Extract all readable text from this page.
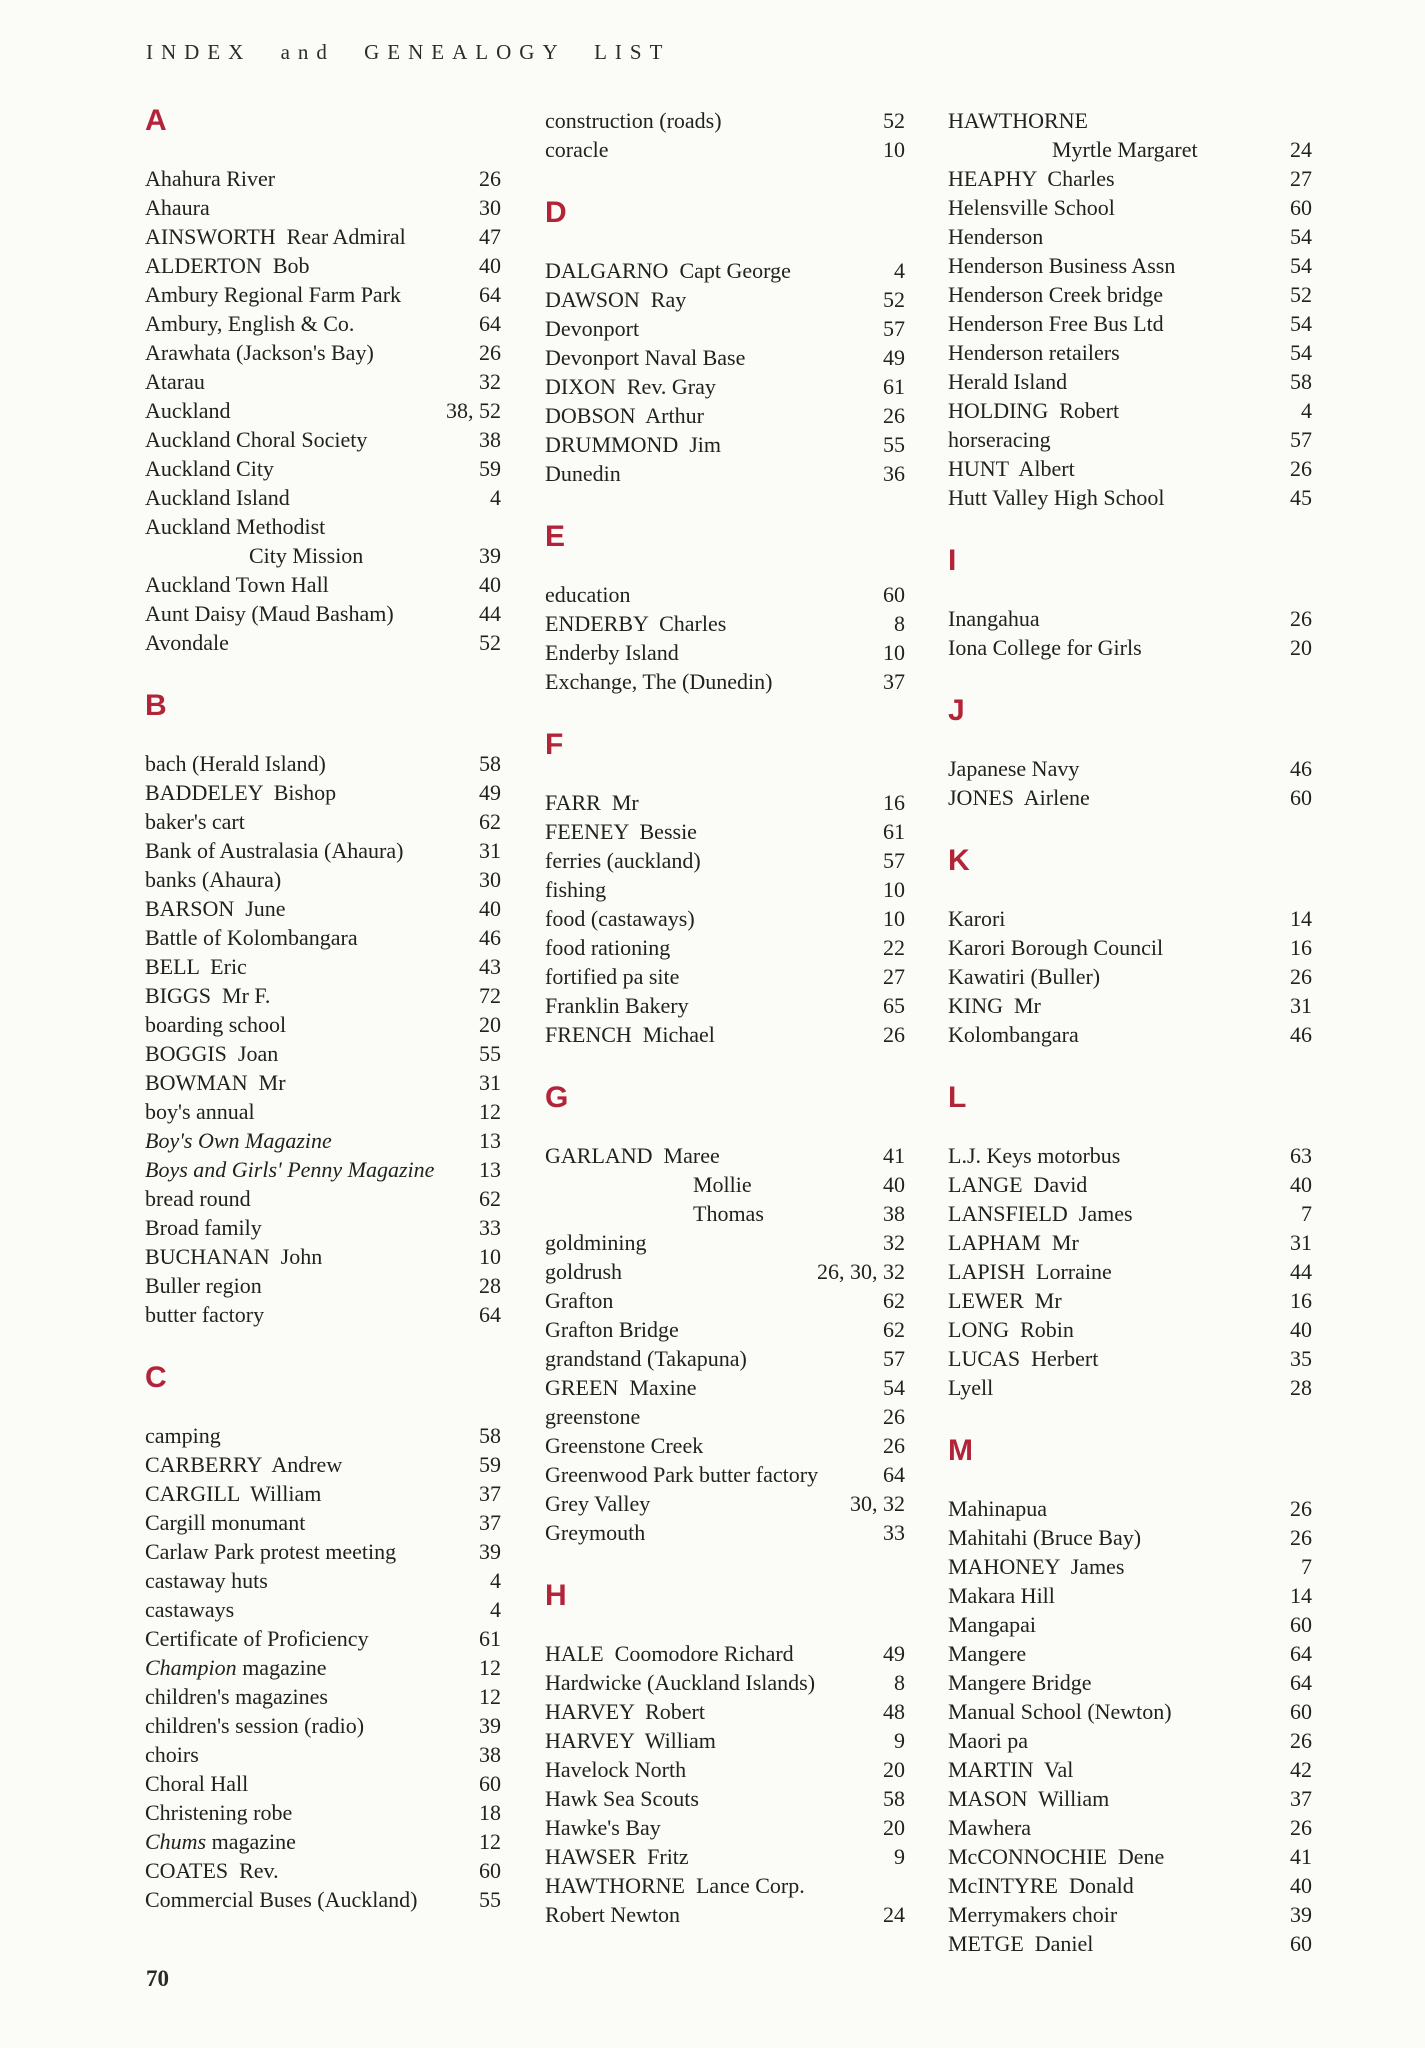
INDEX and GENEALOGY LIST
A
Ahahura River	26
Ahaura	30
AINSWORTH  Rear Admiral	47
ALDERTON  Bob	40
Ambury Regional Farm Park	64
Ambury, English & Co.	64
Arawhata (Jackson's Bay)	26
Atarau	32
Auckland	38, 52
Auckland Choral Society	38
Auckland City	59
Auckland Island	4
Auckland Methodist
City Mission	39
Auckland Town Hall	40
Aunt Daisy (Maud Basham)	44
Avondale	52
B
bach (Herald Island)	58
BADDELEY  Bishop	49
baker's cart	62
Bank of Australasia (Ahaura)	31
banks (Ahaura)	30
BARSON  June	40
Battle of Kolombangara	46
BELL  Eric	43
BIGGS  Mr F.	72
boarding school	20
BOGGIS  Joan	55
BOWMAN  Mr	31
boy's annual	12
Boy's Own Magazine	13
Boys and Girls' Penny Magazine	13
bread round	62
Broad family	33
BUCHANAN  John	10
Buller region	28
butter factory	64
C
camping	58
CARBERRY  Andrew	59
CARGILL  William	37
Cargill monumant	37
Carlaw Park protest meeting	39
castaway huts	4
castaways	4
Certificate of Proficiency	61
Champion magazine	12
children's magazines	12
children's session (radio)	39
choirs	38
Choral Hall	60
Christening robe	18
Chums magazine	12
COATES  Rev.	60
Commercial Buses (Auckland)	55
construction (roads)	52
coracle	10
D
DALGARNO  Capt George	4
DAWSON  Ray	52
Devonport	57
Devonport Naval Base	49
DIXON  Rev. Gray	61
DOBSON  Arthur	26
DRUMMOND  Jim	55
Dunedin	36
E
education	60
ENDERBY  Charles	8
Enderby Island	10
Exchange, The (Dunedin)	37
F
FARR  Mr	16
FEENEY  Bessie	61
ferries (auckland)	57
fishing	10
food (castaways)	10
food rationing	22
fortified pa site	27
Franklin Bakery	65
FRENCH  Michael	26
G
GARLAND  Maree	41
Mollie	40
Thomas	38
goldmining	32
goldrush	26, 30, 32
Grafton	62
Grafton Bridge	62
grandstand (Takapuna)	57
GREEN  Maxine	54
greenstone	26
Greenstone Creek	26
Greenwood Park butter factory	64
Grey Valley	30, 32
Greymouth	33
H
HALE  Coomodore Richard	49
Hardwicke (Auckland Islands)	8
HARVEY  Robert	48
HARVEY  William	9
Havelock North	20
Hawk Sea Scouts	58
Hawke's Bay	20
HAWSER  Fritz	9
HAWTHORNE  Lance Corp.
Robert Newton	24
HAWTHORNE
Myrtle Margaret	24
HEAPHY  Charles	27
Helensville School	60
Henderson	54
Henderson Business Assn	54
Henderson Creek bridge	52
Henderson Free Bus Ltd	54
Henderson retailers	54
Herald Island	58
HOLDING  Robert	4
horseracing	57
HUNT  Albert	26
Hutt Valley High School	45
I
Inangahua	26
Iona College for Girls	20
J
Japanese Navy	46
JONES  Airlene	60
K
Karori	14
Karori Borough Council	16
Kawatiri (Buller)	26
KING  Mr	31
Kolombangara	46
L
L.J. Keys motorbus	63
LANGE  David	40
LANSFIELD  James	7
LAPHAM  Mr	31
LAPISH  Lorraine	44
LEWER  Mr	16
LONG  Robin	40
LUCAS  Herbert	35
Lyell	28
M
Mahinapua	26
Mahitahi (Bruce Bay)	26
MAHONEY  James	7
Makara Hill	14
Mangapai	60
Mangere	64
Mangere Bridge	64
Manual School (Newton)	60
Maori pa	26
MARTIN  Val	42
MASON  William	37
Mawhera	26
McCONNOCHIE  Dene	41
McINTYRE  Donald	40
Merrymakers choir	39
METGE  Daniel	60
70
